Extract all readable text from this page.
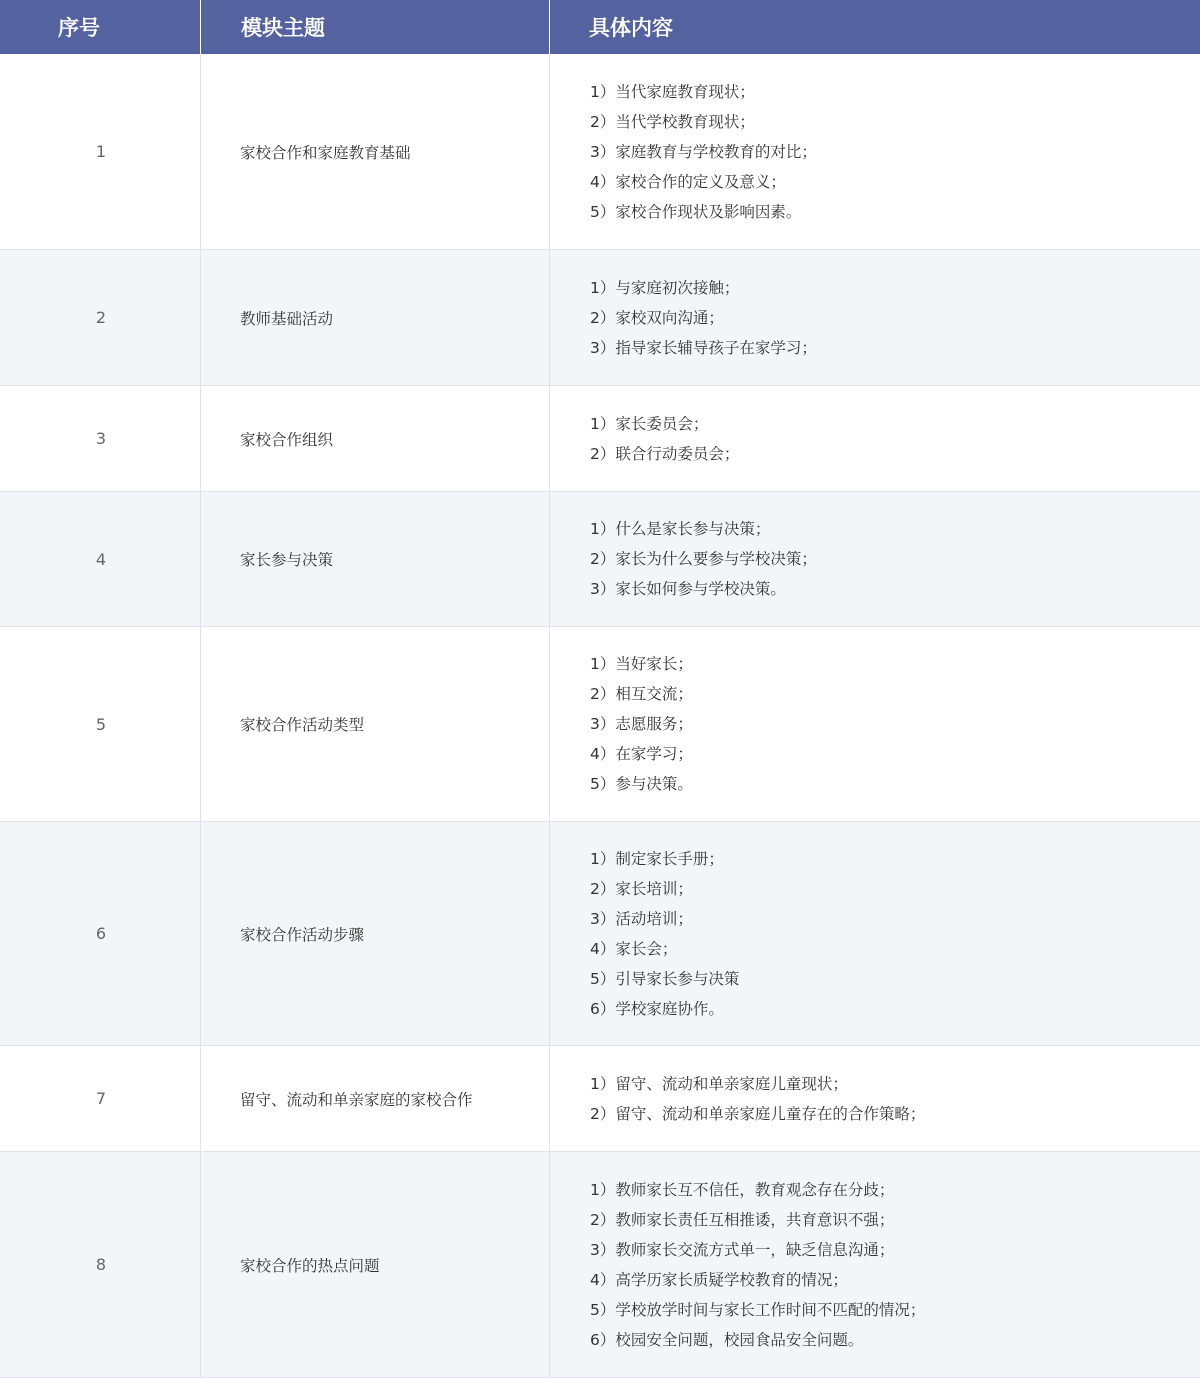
序号	模块主题	具体内容
1	家校合作和家庭教育基础
1）当代家庭教育现状；
2）当代学校教育现状；
3）家庭教育与学校教育的对比；
4）家校合作的定义及意义；
5）家校合作现状及影响因素。
2	教师基础活动
1）与家庭初次接触；
2）家校双向沟通；
3）指导家长辅导孩子在家学习；
3	家校合作组织
1）家长委员会；
2）联合行动委员会；
4	家长参与决策
1）什么是家长参与决策；
2）家长为什么要参与学校决策；
3）家长如何参与学校决策。
5	家校合作活动类型
1）当好家长；
2）相互交流；
3）志愿服务；
4）在家学习；
5）参与决策。
6	家校合作活动步骤
1）制定家长手册；
2）家长培训；
3）活动培训；
4）家长会；
5）引导家长参与决策
6）学校家庭协作。
7	留守、流动和单亲家庭的家校合作
1）留守、流动和单亲家庭儿童现状；
2）留守、流动和单亲家庭儿童存在的合作策略；
8	家校合作的热点问题
1）教师家长互不信任，教育观念存在分歧；
2）教师家长责任互相推诿，共育意识不强；
3）教师家长交流方式单一，缺乏信息沟通；
4）高学历家长质疑学校教育的情况；
5）学校放学时间与家长工作时间不匹配的情况；
6）校园安全问题，校园食品安全问题。
